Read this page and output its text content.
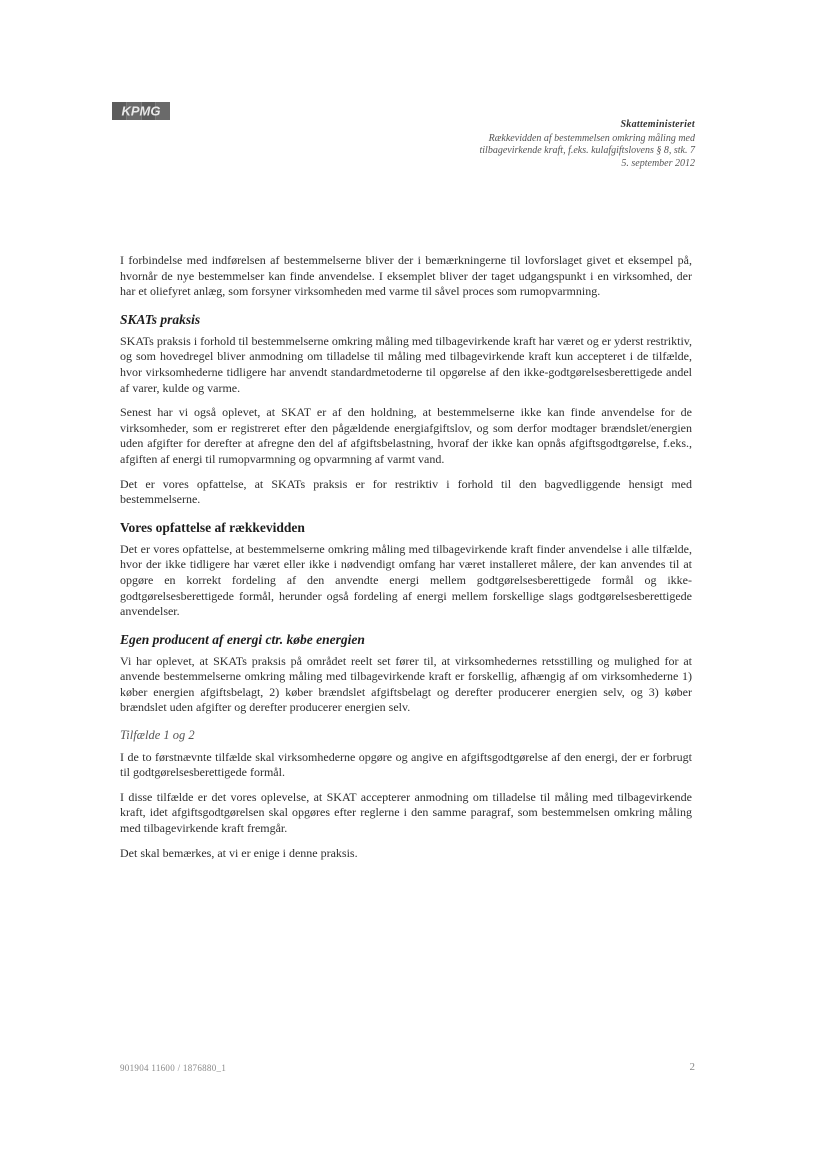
KPMG
Skatteministeriet
Rækkevidden af bestemmelsen omkring måling med
tilbagevirkende kraft, f.eks. kulafgiftslovens § 8, stk. 7
5. september 2012

I forbindelse med indførelsen af bestemmelserne bliver der i bemærkningerne til lovforslaget givet et eksempel på, hvornår de nye bestemmelser kan finde anvendelse. I eksemplet bliver der taget udgangspunkt i en virksomhed, der har et oliefyret anlæg, som forsyner virksomheden med varme til såvel proces som rumopvarmning.

SKATs praksis

SKATs praksis i forhold til bestemmelserne omkring måling med tilbagevirkende kraft har været og er yderst restriktiv, og som hovedregel bliver anmodning om tilladelse til måling med tilbagevirkende kraft kun accepteret i de tilfælde, hvor virksomhederne tidligere har anvendt standardmetoderne til opgørelse af den ikke-godtgørelsesberettigede andel af varer, kulde og varme.

Senest har vi også oplevet, at SKAT er af den holdning, at bestemmelserne ikke kan finde anvendelse for de virksomheder, som er registreret efter den pågældende energiafgiftslov, og som derfor modtager brændslet/energien uden afgifter for derefter at afregne den del af afgiftsbelastning, hvoraf der ikke kan opnås afgiftsgodtgørelse, f.eks., afgiften af energi til rumopvarmning og opvarmning af varmt vand.

Det er vores opfattelse, at SKATs praksis er for restriktiv i forhold til den bagvedliggende hensigt med bestemmelserne.

Vores opfattelse af rækkevidden

Det er vores opfattelse, at bestemmelserne omkring måling med tilbagevirkende kraft finder anvendelse i alle tilfælde, hvor der ikke tidligere har været eller ikke i nødvendigt omfang har været installeret målere, der kan anvendes til at opgøre en korrekt fordeling af den anvendte energi mellem godtgørelsesberettigede formål og ikke-godtgørelsesberettigede formål, herunder også fordeling af energi mellem forskellige slags godtgørelsesberettigede anvendelser.

Egen producent af energi ctr. købe energien

Vi har oplevet, at SKATs praksis på området reelt set fører til, at virksomhedernes retsstilling og mulighed for at anvende bestemmelserne omkring måling med tilbagevirkende kraft er forskellig, afhængig af om virksomhederne 1) køber energien afgiftsbelagt, 2) køber brændslet afgiftsbelagt og derefter producerer energien selv, og 3) køber brændslet uden afgifter og derefter producerer energien selv.

Tilfælde 1 og 2

I de to førstnævnte tilfælde skal virksomhederne opgøre og angive en afgiftsgodtgørelse af den energi, der er forbrugt til godtgørelsesberettigede formål.

I disse tilfælde er det vores oplevelse, at SKAT accepterer anmodning om tilladelse til måling med tilbagevirkende kraft, idet afgiftsgodtgørelsen skal opgøres efter reglerne i den samme paragraf, som bestemmelsen omkring måling med tilbagevirkende kraft fremgår.

Det skal bemærkes, at vi er enige i denne praksis.

901904 11600 / 1876880_1	2
